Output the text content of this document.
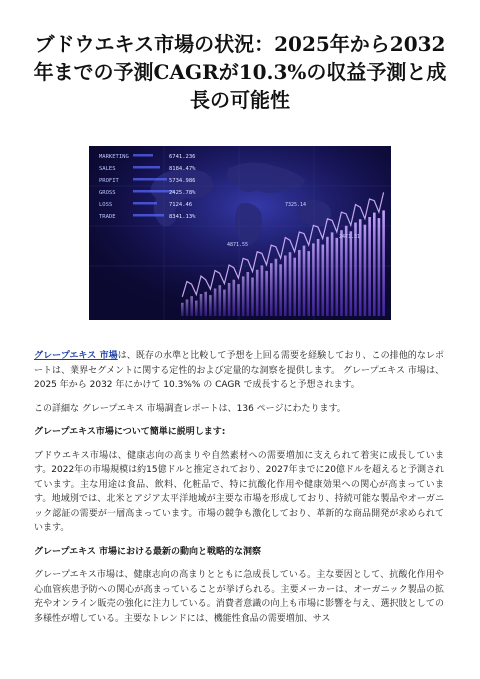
ブドウエキス市場の状況：2025年から2032年までの予測CAGRが10.3%の収益予測と成長の可能性
MARKETING	6741.236
SALES	8184.47%
PROFIT	5734.986
GROSS	2425.78%
LOSS	7124.46
TRADE	8341.13%
7325.14
2471.31
4871.55

グレープエキス 市場は、既存の水準と比較して予想を上回る需要を経験しており、この排他的なレポートは、業界セグメントに関する定性的および定量的な洞察を提供します。 グレープエキス 市場は、2025 年から 2032 年にかけて 10.3%% の CAGR で成長すると予想されます。

この詳細な グレープエキス 市場調査レポートは、136 ページにわたります。

グレープエキス市場について簡単に説明します:

ブドウエキス市場は、健康志向の高まりや自然素材への需要増加に支えられて着実に成長しています。2022年の市場規模は約15億ドルと推定されており、2027年までに20億ドルを超えると予測されています。主な用途は食品、飲料、化粧品で、特に抗酸化作用や健康効果への関心が高まっています。地域別では、北米とアジア太平洋地域が主要な市場を形成しており、持続可能な製品やオーガニック認証の需要が一層高まっています。市場の競争も激化しており、革新的な商品開発が求められています。

グレープエキス 市場における最新の動向と戦略的な洞察

グレープエキス市場は、健康志向の高まりとともに急成長している。主な要因として、抗酸化作用や心血管疾患予防への関心が高まっていることが挙げられる。主要メーカーは、オーガニック製品の拡充やオンライン販売の強化に注力している。消費者意識の向上も市場に影響を与え、選択肢としての多様性が増している。主要なトレンドには、機能性食品の需要増加、サス
